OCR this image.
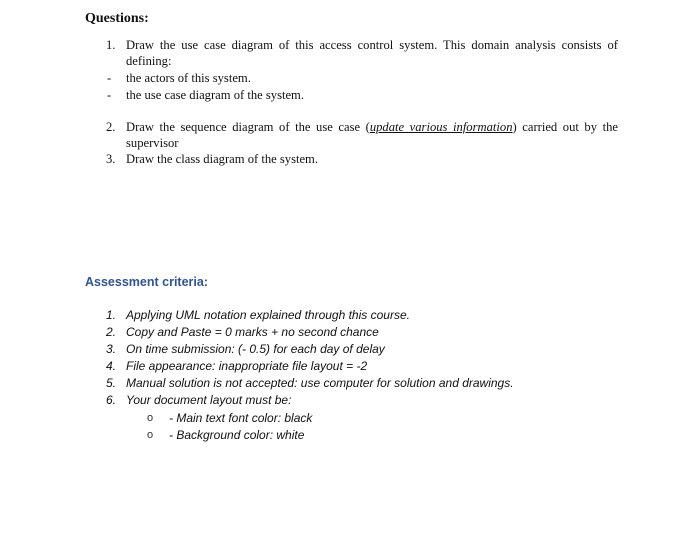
Questions:
1. Draw the use case diagram of this access control system. This domain analysis consists of
defining:
- the actors of this system.
- the use case diagram of the system.
2. Draw the sequence diagram of the use case (update various information) carried out by the
supervisor
3. Draw the class diagram of the system.
Assessment criteria:
1. Applying UML notation explained through this course.
2. Copy and Paste = 0 marks + no second chance
3. On time submission: (- 0.5) for each day of delay
4. File appearance: inappropriate file layout = -2
5. Manual solution is not accepted: use computer for solution and drawings.
6. Your document layout must be:
o - Main text font color: black
o - Background color: white
